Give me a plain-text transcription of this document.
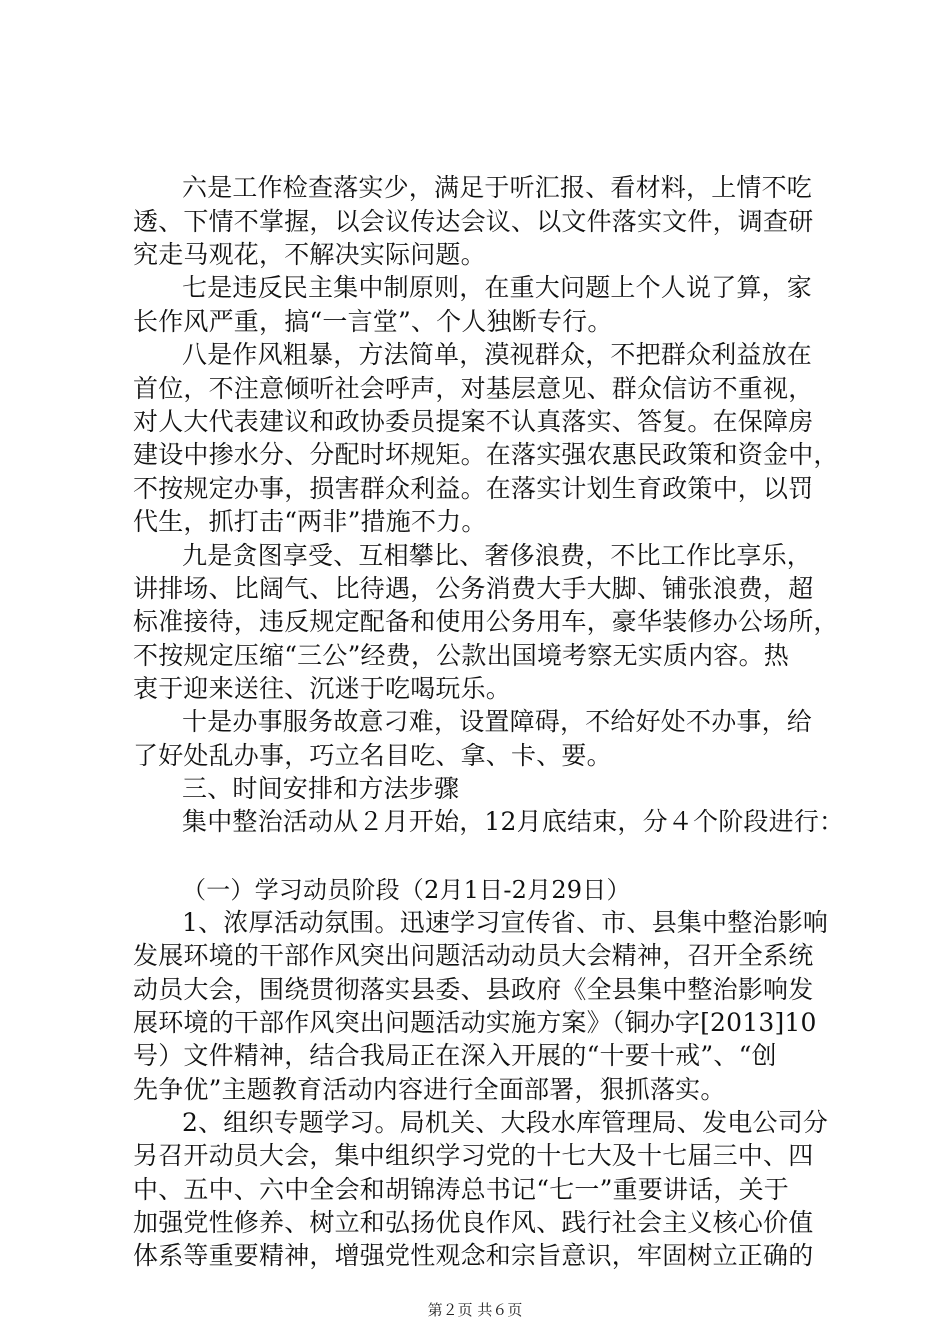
六是工作检查落实少，满足于听汇报、看材料，上情不吃
透、下情不掌握，以会议传达会议、以文件落实文件，调查研
究走马观花，不解决实际问题。
七是违反民主集中制原则，在重大问题上个人说了算，家
长作风严重，搞“一言堂”、个人独断专行。
八是作风粗暴，方法简单，漠视群众，不把群众利益放在
首位，不注意倾听社会呼声，对基层意见、群众信访不重视，
对人大代表建议和政协委员提案不认真落实、答复。在保障房
建设中掺水分、分配时坏规矩。在落实强农惠民政策和资金中，
不按规定办事，损害群众利益。在落实计划生育政策中，以罚
代生，抓打击“两非”措施不力。
九是贪图享受、互相攀比、奢侈浪费，不比工作比享乐，
讲排场、比阔气、比待遇，公务消费大手大脚、铺张浪费，超
标准接待，违反规定配备和使用公务用车，豪华装修办公场所，
不按规定压缩“三公”经费，公款出国境考察无实质内容。热
衷于迎来送往、沉迷于吃喝玩乐。
十是办事服务故意刁难，设置障碍，不给好处不办事，给
了好处乱办事，巧立名目吃、拿、卡、要。
三、时间安排和方法步骤
集中整治活动从２月开始，12月底结束，分４个阶段进行：
（一）学习动员阶段（2月1日-2月29日）
1、浓厚活动氛围。迅速学习宣传省、市、县集中整治影响
发展环境的干部作风突出问题活动动员大会精神，召开全系统
动员大会，围绕贯彻落实县委、县政府《全县集中整治影响发
展环境的干部作风突出问题活动实施方案》（铜办字[2013]10
号）文件精神，结合我局正在深入开展的“十要十戒”、“创
先争优”主题教育活动内容进行全面部署，狠抓落实。
2、组织专题学习。局机关、大段水库管理局、发电公司分
另召开动员大会，集中组织学习党的十七大及十七届三中、四
中、五中、六中全会和胡锦涛总书记“七一”重要讲话，关于
加强党性修养、树立和弘扬优良作风、践行社会主义核心价值
体系等重要精神，增强党性观念和宗旨意识，牢固树立正确的
第２页 共６页
